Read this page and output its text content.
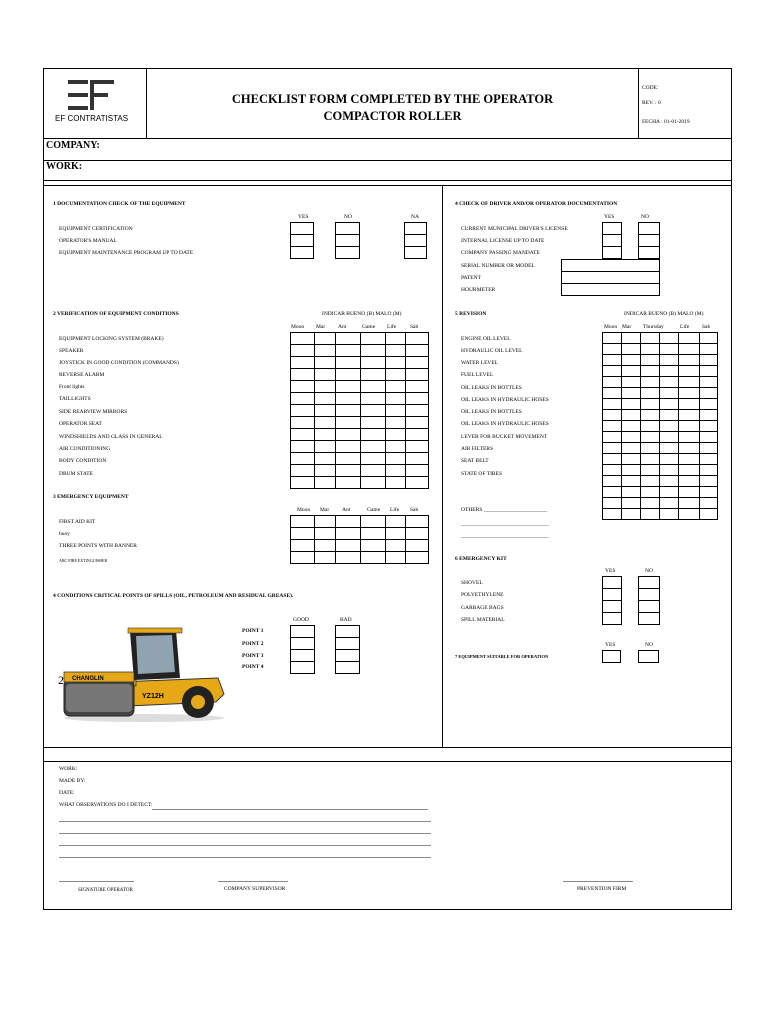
EF CONTRATISTAS
CHECKLIST FORM COMPLETED BY THE OPERATOR
COMPACTOR ROLLER
CODE:
REV. : 0
FECHA : 01-01-2019
COMPANY:
WORK:
1 DOCUMENTATION CHECK OF THE EQUIPMENT
YES	NO	NA
EQUIPMENT CERTIFICATION
OPERATOR'S MANUAL
EQUIPMENT MAINTENANCE PROGRAM UP TO DATE

2 VERIFICATION OF EQUIPMENT CONDITIONS	INDICAR BUENO (B) MALO (M)
Moon Mar Ant	Game Life	Sab
EQUIPMENT LOCKING SYSTEM (BRAKE)
SPEAKER
JOYSTICK IN GOOD CONDITION (COMMANDS)
REVERSE ALARM
Front lights
TAILLIGHTS
SIDE REARVIEW MIRRORS
OPERATOR SEAT
WINDSHIELDS AND GLASS IN GENERAL
AIR CONDITIONING
BODY CONDITION
DRUM STATE

3 EMERGENCY EQUIPMENT
Moon Mar Ant	Game Life Sab
FIRST AID KIT
buoy
THREE POINTS WITH BANNER
ABC FIRE EXTINGUISHER

4 CONDITIONS CRITICAL POINTS OF SPILLS (OIL, PETROLEUM AND RESIDUAL GREASE).
GOOD	BAD
POINT 1
POINT 2
POINT 3
POINT 4

2 CHANGLIN
YZ12H
4 CHECK OF DRIVER AND/OR OPERATOR DOCUMENTATION
YES	NO
CURRENT MUNICIPAL DRIVER'S LICENSE
INTERNAL LICENSE UP TO DATE
COMPANY PASSING MANDATE
SERIAL NUMBER OR MODEL
PATENT
HOURMETER

5 REVISION	INDICAR BUENO (B) MALO (M)
Moon Mar Thursday	Life Sab
ENGINE OIL LEVEL
HYDRAULIC OIL LEVEL
WATER LEVEL
FUEL LEVEL
OIL LEAKS IN BOTTLES
OIL LEAKS IN HYDRAULIC HOSES
OIL LEAKS IN BOTTLES
OIL LEAKS IN HYDRAULIC HOSES
LEVER FOR BUCKET MOVEMENT
AIR FILTERS
SEAT BELT
STATE OF TIRES
OTHERS _______________________
________________________________
________________________________

6 EMERGENCY KIT
YES	NO
SHOVEL
POLYETHYLENE
GARBAGE BAGS
SPILL MATERIAL

YES	NO
7 EQUIPMENT SUITABLE FOR OPERATION
WORK:
MADE BY:
DATE:
WHAT OBSERVATIONS DO I DETECT:
SIGNATURE OPERATOR	COMPANY SUPERVISOR	PREVENTION FIRM
